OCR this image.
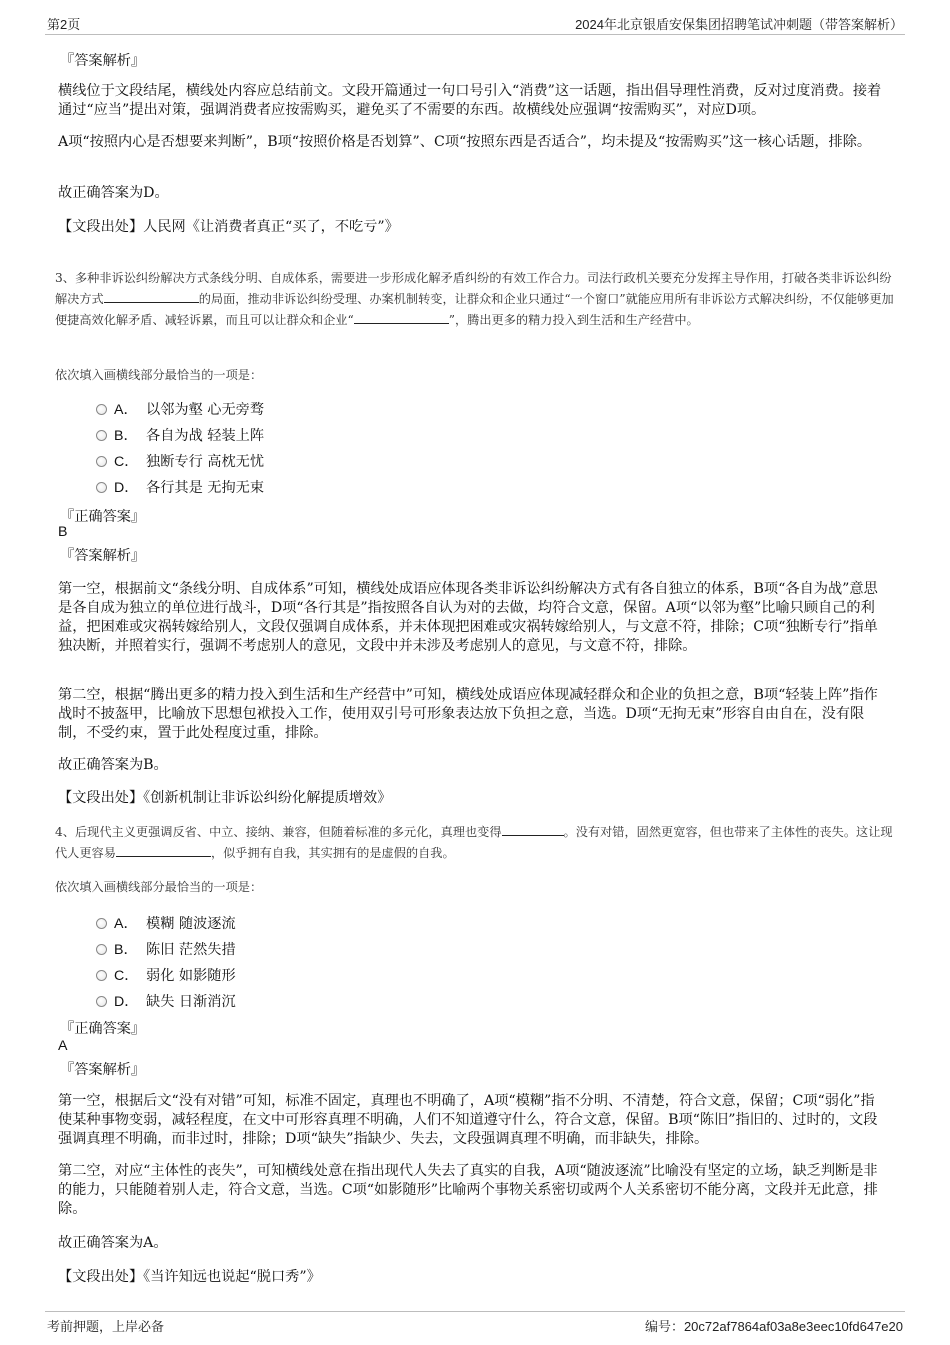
第2页	2024年北京银盾安保集团招聘笔试冲刺题（带答案解析）
『答案解析』
横线位于文段结尾，横线处内容应总结前文。文段开篇通过一句口号引入“消费”这一话题，指出倡导理性消费，反对过度消费。接着通过“应当”提出对策，强调消费者应按需购买，避免买了不需要的东西。故横线处应强调“按需购买”，对应D项。
A项“按照内心是否想要来判断”，B项“按照价格是否划算”、C项“按照东西是否适合”，均未提及“按需购买”这一核心话题，排除。
故正确答案为D。
【文段出处】人民网《让消费者真正“买了，不吃亏”》
3、多种非诉讼纠纷解决方式条线分明、自成体系，需要进一步形成化解矛盾纠纷的有效工作合力。司法行政机关要充分发挥主导作用，打破各类非诉讼纠纷解决方式	的局面，推动非诉讼纠纷受理、办案机制转变，让群众和企业只通过“一个窗口”就能应用所有非诉讼方式解决纠纷，不仅能够更加便捷高效化解矛盾、减轻诉累，而且可以让群众和企业“	”，腾出更多的精力投入到生活和生产经营中。
依次填入画横线部分最恰当的一项是：
A． 以邻为壑 心无旁骛
B． 各自为战 轻装上阵
C． 独断专行 高枕无忧
D． 各行其是 无拘无束
『正确答案』
B
『答案解析』
第一空，根据前文“条线分明、自成体系”可知，横线处成语应体现各类非诉讼纠纷解决方式有各自独立的体系，B项“各自为战”意思是各自成为独立的单位进行战斗，D项“各行其是”指按照各自认为对的去做，均符合文意，保留。A项“以邻为壑”比喻只顾自己的利益，把困难或灾祸转嫁给别人，文段仅强调自成体系，并未体现把困难或灾祸转嫁给别人，与文意不符，排除；C项“独断专行”指单独决断，并照着实行，强调不考虑别人的意见，文段中并未涉及考虑别人的意见，与文意不符，排除。
第二空，根据“腾出更多的精力投入到生活和生产经营中”可知，横线处成语应体现减轻群众和企业的负担之意，B项“轻装上阵”指作战时不披盔甲，比喻放下思想包袱投入工作，使用双引号可形象表达放下负担之意，当选。D项“无拘无束”形容自由自在，没有限制，不受约束，置于此处程度过重，排除。
故正确答案为B。
【文段出处】《创新机制让非诉讼纠纷化解提质增效》
4、后现代主义更强调反省、中立、接纳、兼容，但随着标准的多元化，真理也变得	。没有对错，固然更宽容，但也带来了主体性的丧失。这让现代人更容易	，似乎拥有自我，其实拥有的是虚假的自我。
依次填入画横线部分最恰当的一项是：
A． 模糊 随波逐流
B． 陈旧 茫然失措
C． 弱化 如影随形
D． 缺失 日渐消沉
『正确答案』
A
『答案解析』
第一空，根据后文“没有对错”可知，标准不固定，真理也不明确了，A项“模糊”指不分明、不清楚，符合文意，保留；C项“弱化”指使某种事物变弱，减轻程度，在文中可形容真理不明确，人们不知道遵守什么，符合文意，保留。B项“陈旧”指旧的、过时的，文段强调真理不明确，而非过时，排除；D项“缺失”指缺少、失去，文段强调真理不明确，而非缺失，排除。
第二空，对应“主体性的丧失”，可知横线处意在指出现代人失去了真实的自我，A项“随波逐流”比喻没有坚定的立场，缺乏判断是非的能力，只能随着别人走，符合文意，当选。C项“如影随形”比喻两个事物关系密切或两个人关系密切不能分离，文段并无此意，排除。
故正确答案为A。
【文段出处】《当许知远也说起“脱口秀”》
考前押题，上岸必备	编号：20c72af7864af03a8e3eec10fd647e20
